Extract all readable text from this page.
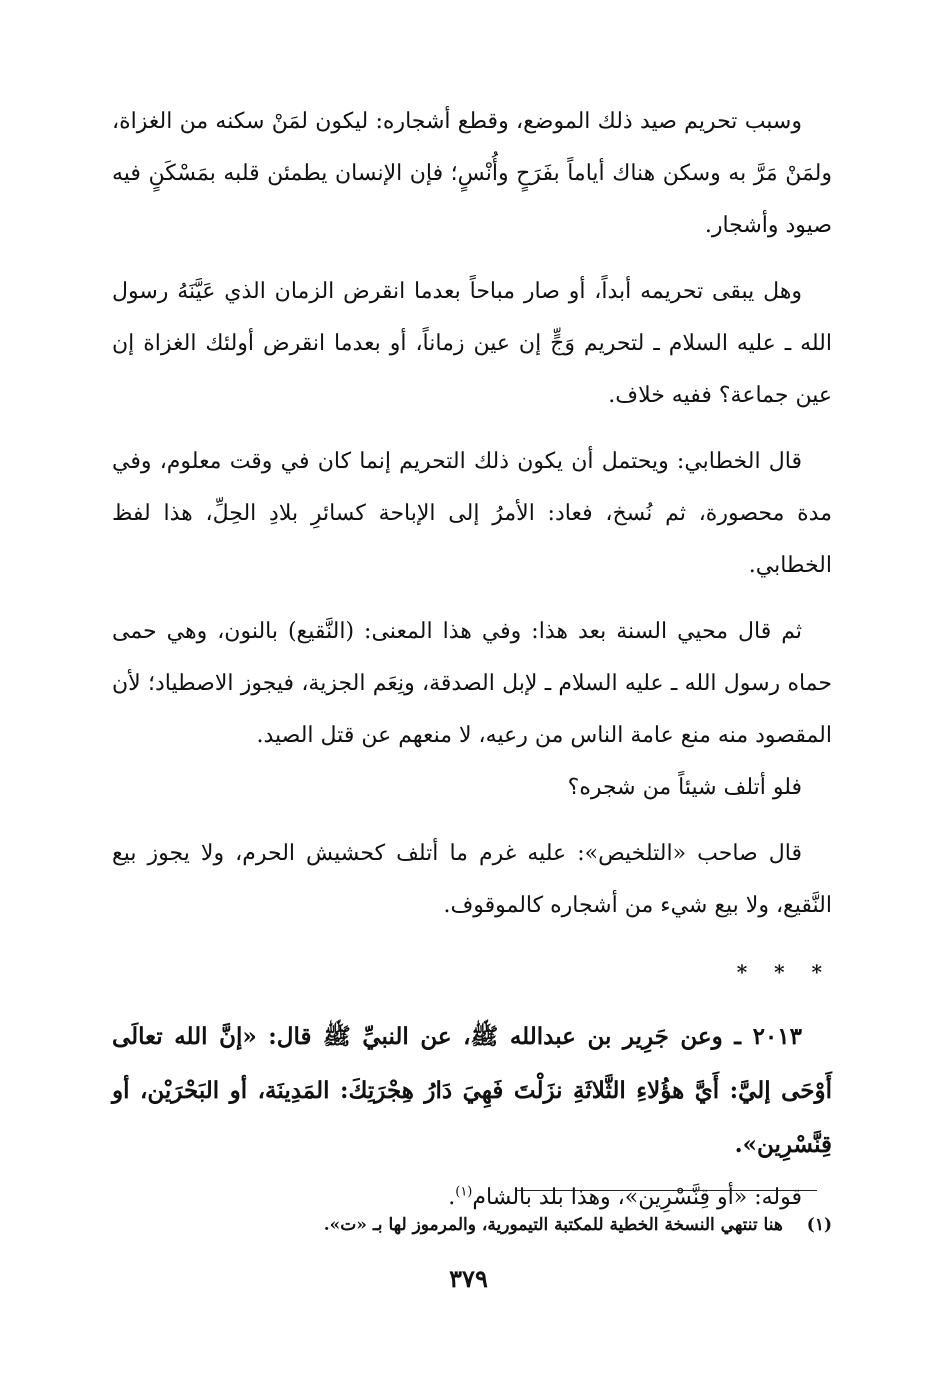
وسبب تحريم صيد ذلك الموضع، وقطع أشجاره: ليكون لمَنْ سكنه من الغزاة، ولمَنْ مَرَّ به وسكن هناك أياماً بفَرَحٍ وأُنْسٍ؛ فإن الإنسان يطمئن قلبه بمَسْكَنٍ فيه صيود وأشجار.

وهل يبقى تحريمه أبداً، أو صار مباحاً بعدما انقرض الزمان الذي عَيَّنَهُ رسول الله ـ عليه السلام ـ لتحريم وَجٍّ إن عين زماناً، أو بعدما انقرض أولئك الغزاة إن عين جماعة؟ ففيه خلاف.

قال الخطابي: ويحتمل أن يكون ذلك التحريم إنما كان في وقت معلوم، وفي مدة محصورة، ثم نُسخ، فعاد: الأمرُ إلى الإباحة كسائرِ بلادِ الحِلِّ، هذا لفظ الخطابي.

ثم قال محيي السنة بعد هذا: وفي هذا المعنى: (النَّقيع) بالنون، وهي حمى حماه رسول الله ـ عليه السلام ـ لإبل الصدقة، ونِعَم الجزية، فيجوز الاصطياد؛ لأن المقصود منه منع عامة الناس من رعيه، لا منعهم عن قتل الصيد.

فلو أتلف شيئاً من شجره؟

قال صاحب «التلخيص»: عليه غرم ما أتلف كحشيش الحرم، ولا يجوز بيع النَّقيع، ولا بيع شيء من أشجاره كالموقوف.

* * *

٢٠١٣ ـ وعن جَرِير بن عبدالله ﷺ، عن النبيِّ ﷺ قال: «إنَّ الله تعالَى أَوْحَى إليَّ: أَيَّ هؤُلاءِ الثَّلاثَةِ نزَلْتَ فَهِيَ دَارُ هِجْرَتِكَ: المَدِينَة، أو البَحْرَيْن، أو قِنَّسْرِين».

قوله: «أو قِنَّسْرِين»، وهذا بلد بالشام$^{(١)}$.

(١) هنا تنتهي النسخة الخطية للمكتبة التيمورية، والمرموز لها بـ «ت».
٣٧٩
